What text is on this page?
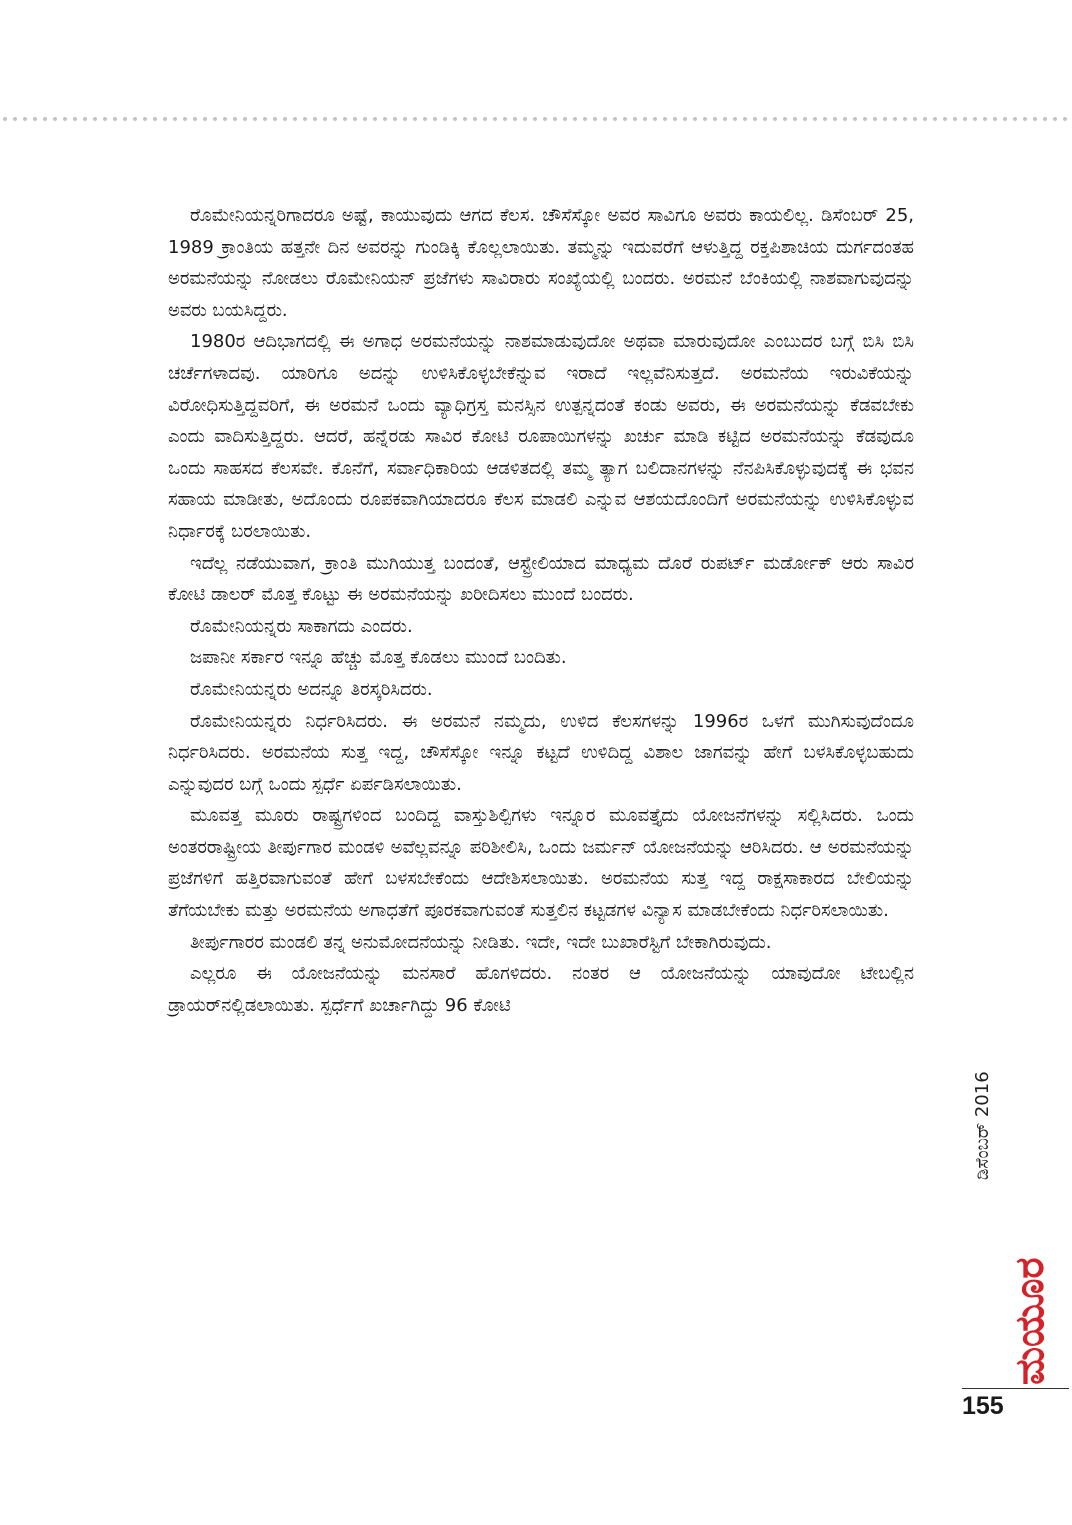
ರೊಮೇನಿಯನ್ನರಿಗಾದರೂ ಅಷ್ಟೆ, ಕಾಯುವುದು ಆಗದ ಕೆಲಸ. ಚೌಸೆಸ್ಕೋ ಅವರ ಸಾವಿಗೂ ಅವರು ಕಾಯಲಿಲ್ಲ. ಡಿಸೆಂಬರ್ 25, 1989 ಕ್ರಾಂತಿಯ ಹತ್ತನೇ ದಿನ ಅವರನ್ನು ಗುಂಡಿಕ್ಕಿ ಕೊಲ್ಲಲಾಯಿತು. ತಮ್ಮನ್ನು ಇದುವರೆಗೆ ಆಳುತ್ತಿದ್ದ ರಕ್ತಪಿಶಾಚಿಯ ದುರ್ಗದಂತಹ ಅರಮನೆಯನ್ನು ನೋಡಲು ರೊಮೇನಿಯನ್ ಪ್ರಜೆಗಳು ಸಾವಿರಾರು ಸಂಖ್ಯೆಯಲ್ಲಿ ಬಂದರು. ಅರಮನೆ ಬೆಂಕಿಯಲ್ಲಿ ನಾಶವಾಗುವುದನ್ನು ಅವರು ಬಯಸಿದ್ದರು.

1980ರ ಆದಿಭಾಗದಲ್ಲಿ ಈ ಅಗಾಧ ಅರಮನೆಯನ್ನು ನಾಶಮಾಡುವುದೋ ಅಥವಾ ಮಾರುವುದೋ ಎಂಬುದರ ಬಗ್ಗೆ ಬಿಸಿ ಬಿಸಿ ಚರ್ಚೆಗಳಾದವು. ಯಾರಿಗೂ ಅದನ್ನು ಉಳಿಸಿಕೊಳ್ಳಬೇಕೆನ್ನುವ ಇರಾದೆ ಇಲ್ಲವೆನಿಸುತ್ತದೆ. ಅರಮನೆಯ ಇರುವಿಕೆಯನ್ನು ವಿರೋಧಿಸುತ್ತಿದ್ದವರಿಗೆ, ಈ ಅರಮನೆ ಒಂದು ವ್ಯಾಧಿಗ್ರಸ್ತ ಮನಸ್ಸಿನ ಉತ್ಪನ್ನದಂತೆ ಕಂಡು ಅವರು, ಈ ಅರಮನೆಯನ್ನು ಕೆಡವಬೇಕು ಎಂದು ವಾದಿಸುತ್ತಿದ್ದರು. ಆದರೆ, ಹನ್ನೆರಡು ಸಾವಿರ ಕೋಟಿ ರೂಪಾಯಿಗಳನ್ನು ಖರ್ಚು ಮಾಡಿ ಕಟ್ಟಿದ ಅರಮನೆಯನ್ನು ಕೆಡವುದೂ ಒಂದು ಸಾಹಸದ ಕೆಲಸವೇ. ಕೊನೆಗೆ, ಸರ್ವಾಧಿಕಾರಿಯ ಆಡಳಿತದಲ್ಲಿ ತಮ್ಮ ತ್ಯಾಗ ಬಲಿದಾನಗಳನ್ನು ನೆನಪಿಸಿಕೊಳ್ಳುವುದಕ್ಕೆ ಈ ಭವನ ಸಹಾಯ ಮಾಡೀತು, ಅದೊಂದು ರೂಪಕವಾಗಿಯಾದರೂ ಕೆಲಸ ಮಾಡಲಿ ಎನ್ನುವ ಆಶಯದೊಂದಿಗೆ ಅರಮನೆಯನ್ನು ಉಳಿಸಿಕೊಳ್ಳುವ ನಿರ್ಧಾರಕ್ಕೆ ಬರಲಾಯಿತು.

ಇದೆಲ್ಲ ನಡೆಯುವಾಗ, ಕ್ರಾಂತಿ ಮುಗಿಯುತ್ತ ಬಂದಂತೆ, ಆಸ್ಟ್ರೇಲಿಯಾದ ಮಾಧ್ಯಮ ದೊರೆ ರುಪರ್ಟ್ ಮರ್ಡೋಕ್ ಆರು ಸಾವಿರ ಕೋಟಿ ಡಾಲರ್ ಮೊತ್ತ ಕೊಟ್ಟು ಈ ಅರಮನೆಯನ್ನು ಖರೀದಿಸಲು ಮುಂದೆ ಬಂದರು.

ರೊಮೇನಿಯನ್ನರು ಸಾಕಾಗದು ಎಂದರು.

ಜಪಾನೀ ಸರ್ಕಾರ ಇನ್ನೂ ಹೆಚ್ಚು ಮೊತ್ತ ಕೊಡಲು ಮುಂದೆ ಬಂದಿತು.

ರೊಮೇನಿಯನ್ನರು ಅದನ್ನೂ ತಿರಸ್ಕರಿಸಿದರು.

ರೊಮೇನಿಯನ್ನರು ನಿರ್ಧರಿಸಿದರು. ಈ ಅರಮನೆ ನಮ್ಮದು, ಉಳಿದ ಕೆಲಸಗಳನ್ನು 1996ರ ಒಳಗೆ ಮುಗಿಸುವುದೆಂದೂ ನಿರ್ಧರಿಸಿದರು. ಅರಮನೆಯ ಸುತ್ತ ಇದ್ದ, ಚೌಸೆಸ್ಕೋ ಇನ್ನೂ ಕಟ್ಟದೆ ಉಳಿದಿದ್ದ ವಿಶಾಲ ಜಾಗವನ್ನು ಹೇಗೆ ಬಳಸಿಕೊಳ್ಳಬಹುದು ಎನ್ನುವುದರ ಬಗ್ಗೆ ಒಂದು ಸ್ಪರ್ಧೆ ಏರ್ಪಡಿಸಲಾಯಿತು.

ಮೂವತ್ತ ಮೂರು ರಾಷ್ಟ್ರಗಳಿಂದ ಬಂದಿದ್ದ ವಾಸ್ತುಶಿಲ್ಪಿಗಳು ಇನ್ನೂರ ಮೂವತ್ತೈದು ಯೋಜನೆಗಳನ್ನು ಸಲ್ಲಿಸಿದರು. ಒಂದು ಅಂತರರಾಷ್ಟ್ರೀಯ ತೀರ್ಪುಗಾರ ಮಂಡಳಿ ಅವೆಲ್ಲವನ್ನೂ ಪರಿಶೀಲಿಸಿ, ಒಂದು ಜರ್ಮನ್ ಯೋಜನೆಯನ್ನು ಆರಿಸಿದರು. ಆ ಅರಮನೆಯನ್ನು ಪ್ರಜೆಗಳಿಗೆ ಹತ್ತಿರವಾಗುವಂತೆ ಹೇಗೆ ಬಳಸಬೇಕೆಂದು ಆದೇಶಿಸಲಾಯಿತು. ಅರಮನೆಯ ಸುತ್ತ ಇದ್ದ ರಾಕ್ಷಸಾಕಾರದ ಬೇಲಿಯನ್ನು ತೆಗೆಯಬೇಕು ಮತ್ತು ಅರಮನೆಯ ಅಗಾಧತೆಗೆ ಪೂರಕವಾಗುವಂತೆ ಸುತ್ತಲಿನ ಕಟ್ಟಡಗಳ ವಿನ್ಯಾಸ ಮಾಡಬೇಕೆಂದು ನಿರ್ಧರಿಸಲಾಯಿತು.

ತೀರ್ಪುಗಾರರ ಮಂಡಲಿ ತನ್ನ ಅನುಮೋದನೆಯನ್ನು ನೀಡಿತು. ಇದೇ, ಇದೇ ಬುಖಾರೆಸ್ಟಿಗೆ ಬೇಕಾಗಿರುವುದು.

ಎಲ್ಲರೂ ಈ ಯೋಜನೆಯನ್ನು ಮನಸಾರೆ ಹೊಗಳಿದರು. ನಂತರ ಆ ಯೋಜನೆಯನ್ನು ಯಾವುದೋ ಟೇಬಲ್ಲಿನ ಡ್ರಾಯರ್‌ನಲ್ಲಿಡಲಾಯಿತು. ಸ್ಪರ್ಧೆಗೆ ಖರ್ಚಾಗಿದ್ದು 96 ಕೋಟಿ

ಡಿಸೆಂಬರ್ 2016
ಮಯೂರ
155
